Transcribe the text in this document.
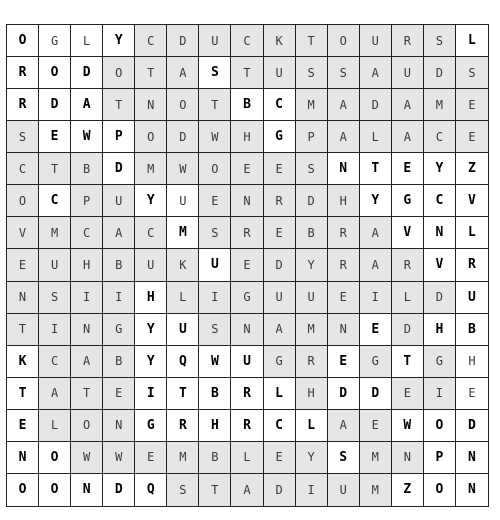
O	G	L	Y	C	D	U	C	K	T	O	U	R	S	L
R	O	D	O	T	A	S	T	U	S	S	A	U	D	S
R	D	A	T	N	O	T	B	C	M	A	D	A	M	E
S	E	W	P	O	D	W	H	G	P	A	L	A	C	E
C	T	B	D	M	W	O	E	E	S	N	T	E	Y	Z
O	C	P	U	Y	U	E	N	R	D	H	Y	G	C	V
V	M	C	A	C	M	S	R	E	B	R	A	V	N	L
E	U	H	B	U	K	U	E	D	Y	R	A	R	V	R
N	S	I	I	H	L	I	G	U	U	E	I	L	D	U
T	I	N	G	Y	U	S	N	A	M	N	E	D	H	B
K	C	A	B	Y	Q	W	U	G	R	E	G	T	G	H
T	A	T	E	I	T	B	R	L	H	D	D	E	I	E
E	L	O	N	G	R	H	R	C	L	A	E	W	O	D
N	O	W	W	E	M	B	L	E	Y	S	M	N	P	N
O	O	N	D	Q	S	T	A	D	I	U	M	Z	O	N
